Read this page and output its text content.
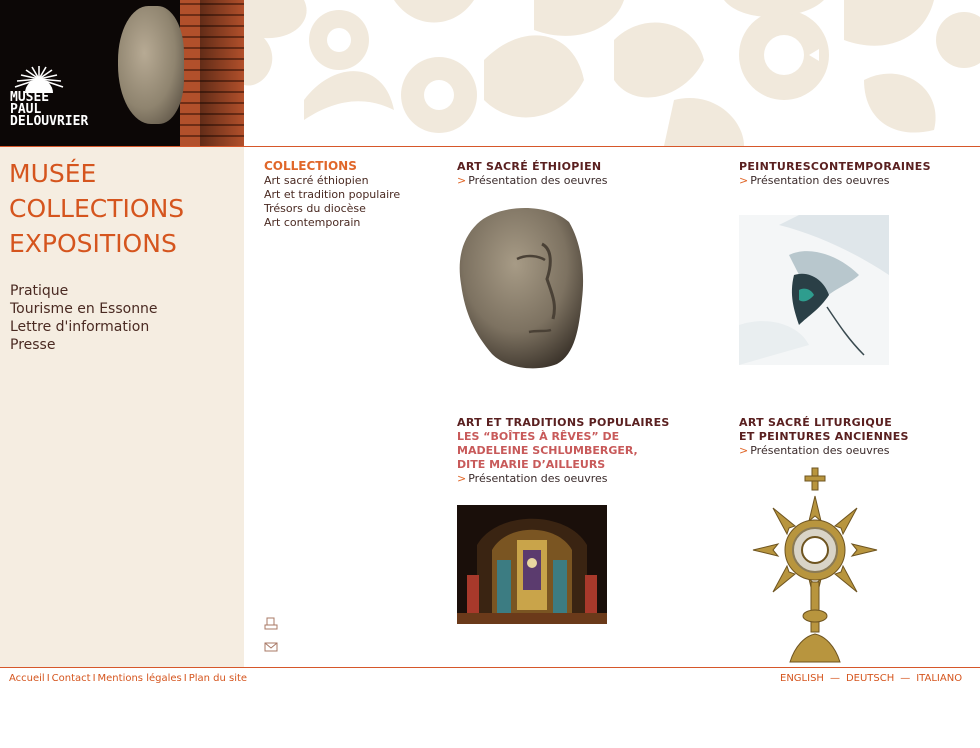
MUSEE
PAUL
DELOUVRIER
MUSÉE
COLLECTIONS
EXPOSITIONS
Pratique
Tourisme en Essonne
Lettre d'information
Presse
COLLECTIONS
Art sacré éthiopien
Art et tradition populaire
Trésors du diocèse
Art contemporain
ART SACRÉ ÉTHIOPIEN
> Présentation des oeuvres
PEINTURESCONTEMPORAINES
> Présentation des oeuvres
ART ET TRADITIONS POPULAIRES
LES “BOÎTES À RÊVES” DE
MADELEINE SCHLUMBERGER,
DITE MARIE D’AILLEURS
> Présentation des oeuvres
ART SACRÉ LITURGIQUE
ET PEINTURES ANCIENNES
> Présentation des oeuvres
Accueil I Contact I Mentions légales I Plan du site	ENGLISH — DEUTSCH — ITALIANO
